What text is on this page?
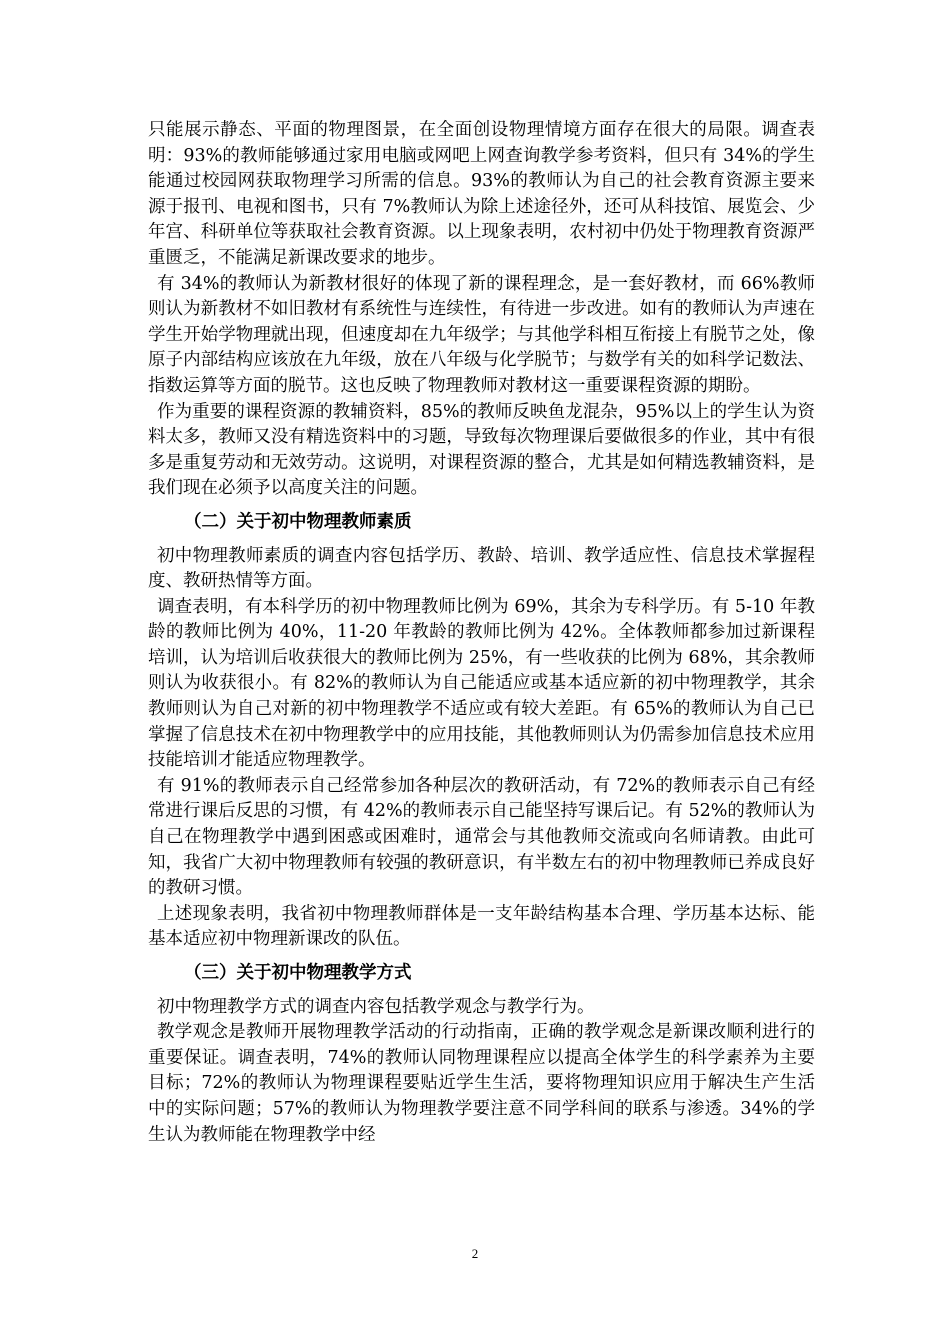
只能展示静态、平面的物理图景，在全面创设物理情境方面存在很大的局限。调查表明：93%的教师能够通过家用电脑或网吧上网查询教学参考资料，但只有 34%的学生能通过校园网获取物理学习所需的信息。93%的教师认为自己的社会教育资源主要来源于报刊、电视和图书，只有 7%教师认为除上述途径外，还可从科技馆、展览会、少年宫、科研单位等获取社会教育资源。以上现象表明，农村初中仍处于物理教育资源严重匮乏，不能满足新课改要求的地步。

有 34%的教师认为新教材很好的体现了新的课程理念，是一套好教材，而 66%教师则认为新教材不如旧教材有系统性与连续性，有待进一步改进。如有的教师认为声速在学生开始学物理就出现，但速度却在九年级学；与其他学科相互衔接上有脱节之处，像原子内部结构应该放在九年级，放在八年级与化学脱节；与数学有关的如科学记数法、指数运算等方面的脱节。这也反映了物理教师对教材这一重要课程资源的期盼。

作为重要的课程资源的教辅资料，85%的教师反映鱼龙混杂，95%以上的学生认为资料太多，教师又没有精选资料中的习题，导致每次物理课后要做很多的作业，其中有很多是重复劳动和无效劳动。这说明，对课程资源的整合，尤其是如何精选教辅资料，是我们现在必须予以高度关注的问题。

（二）关于初中物理教师素质

初中物理教师素质的调查内容包括学历、教龄、培训、教学适应性、信息技术掌握程度、教研热情等方面。

调查表明，有本科学历的初中物理教师比例为 69%，其余为专科学历。有 5-10 年教龄的教师比例为 40%，11-20 年教龄的教师比例为 42%。全体教师都参加过新课程培训，认为培训后收获很大的教师比例为 25%，有一些收获的比例为 68%，其余教师则认为收获很小。有 82%的教师认为自己能适应或基本适应新的初中物理教学，其余教师则认为自己对新的初中物理教学不适应或有较大差距。有 65%的教师认为自己已掌握了信息技术在初中物理教学中的应用技能，其他教师则认为仍需参加信息技术应用技能培训才能适应物理教学。

有 91%的教师表示自己经常参加各种层次的教研活动，有 72%的教师表示自己有经常进行课后反思的习惯，有 42%的教师表示自己能坚持写课后记。有 52%的教师认为自己在物理教学中遇到困惑或困难时，通常会与其他教师交流或向名师请教。由此可知，我省广大初中物理教师有较强的教研意识，有半数左右的初中物理教师已养成良好的教研习惯。

上述现象表明，我省初中物理教师群体是一支年龄结构基本合理、学历基本达标、能基本适应初中物理新课改的队伍。

（三）关于初中物理教学方式

初中物理教学方式的调查内容包括教学观念与教学行为。

教学观念是教师开展物理教学活动的行动指南，正确的教学观念是新课改顺利进行的重要保证。调查表明，74%的教师认同物理课程应以提高全体学生的科学素养为主要目标；72%的教师认为物理课程要贴近学生生活，要将物理知识应用于解决生产生活中的实际问题；57%的教师认为物理教学要注意不同学科间的联系与渗透。34%的学生认为教师能在物理教学中经

2
